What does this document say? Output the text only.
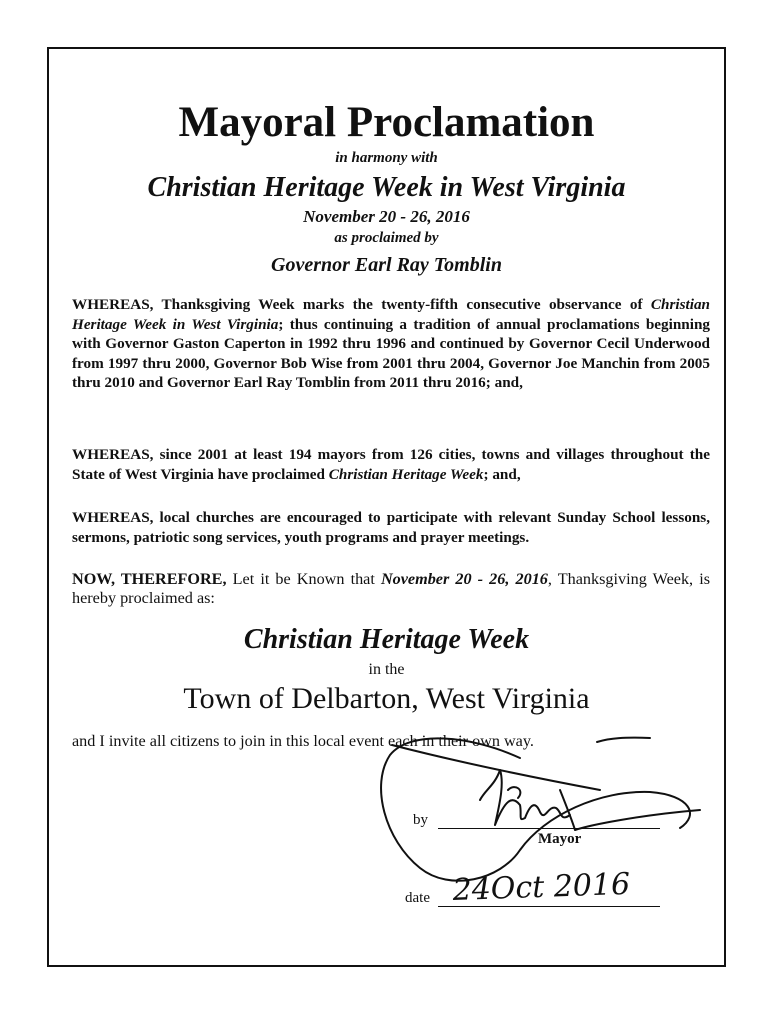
Mayoral Proclamation
in harmony with
Christian Heritage Week in West Virginia
November 20 - 26, 2016
as proclaimed by
Governor Earl Ray Tomblin
WHEREAS, Thanksgiving Week marks the twenty-fifth consecutive observance of Christian Heritage Week in West Virginia; thus continuing a tradition of annual proclamations beginning with Governor Gaston Caperton in 1992 thru 1996 and continued by Governor Cecil Underwood from 1997 thru 2000, Governor Bob Wise from 2001 thru 2004, Governor Joe Manchin from 2005 thru 2010 and Governor Earl Ray Tomblin from 2011 thru 2016; and,
WHEREAS, since 2001 at least 194 mayors from 126 cities, towns and villages throughout the State of West Virginia have proclaimed Christian Heritage Week; and,
WHEREAS, local churches are encouraged to participate with relevant Sunday School lessons, sermons, patriotic song services, youth programs and prayer meetings.
NOW, THEREFORE, Let it be Known that November 20 - 26, 2016, Thanksgiving Week, is hereby proclaimed as:
Christian Heritage Week
in the
Town of Delbarton, West Virginia
and I invite all citizens to join in this local event each in their own way.
by
Mayor
date 24Oct 2016
